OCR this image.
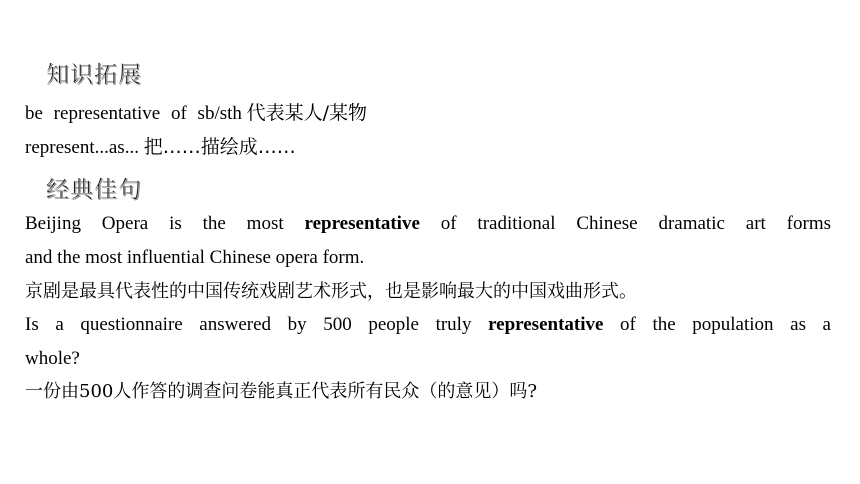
知识拓展
be representative of sb/sth 代表某人/某物
represent...as... 把……描绘成……
经典佳句
Beijing Opera is the most representative of traditional Chinese dramatic art forms
and the most influential Chinese opera form.
京剧是最具代表性的中国传统戏剧艺术形式，也是影响最大的中国戏曲形式。
Is a questionnaire answered by 500 people truly representative of the population as a
whole?
一份由500人作答的调查问卷能真正代表所有民众（的意见）吗?
